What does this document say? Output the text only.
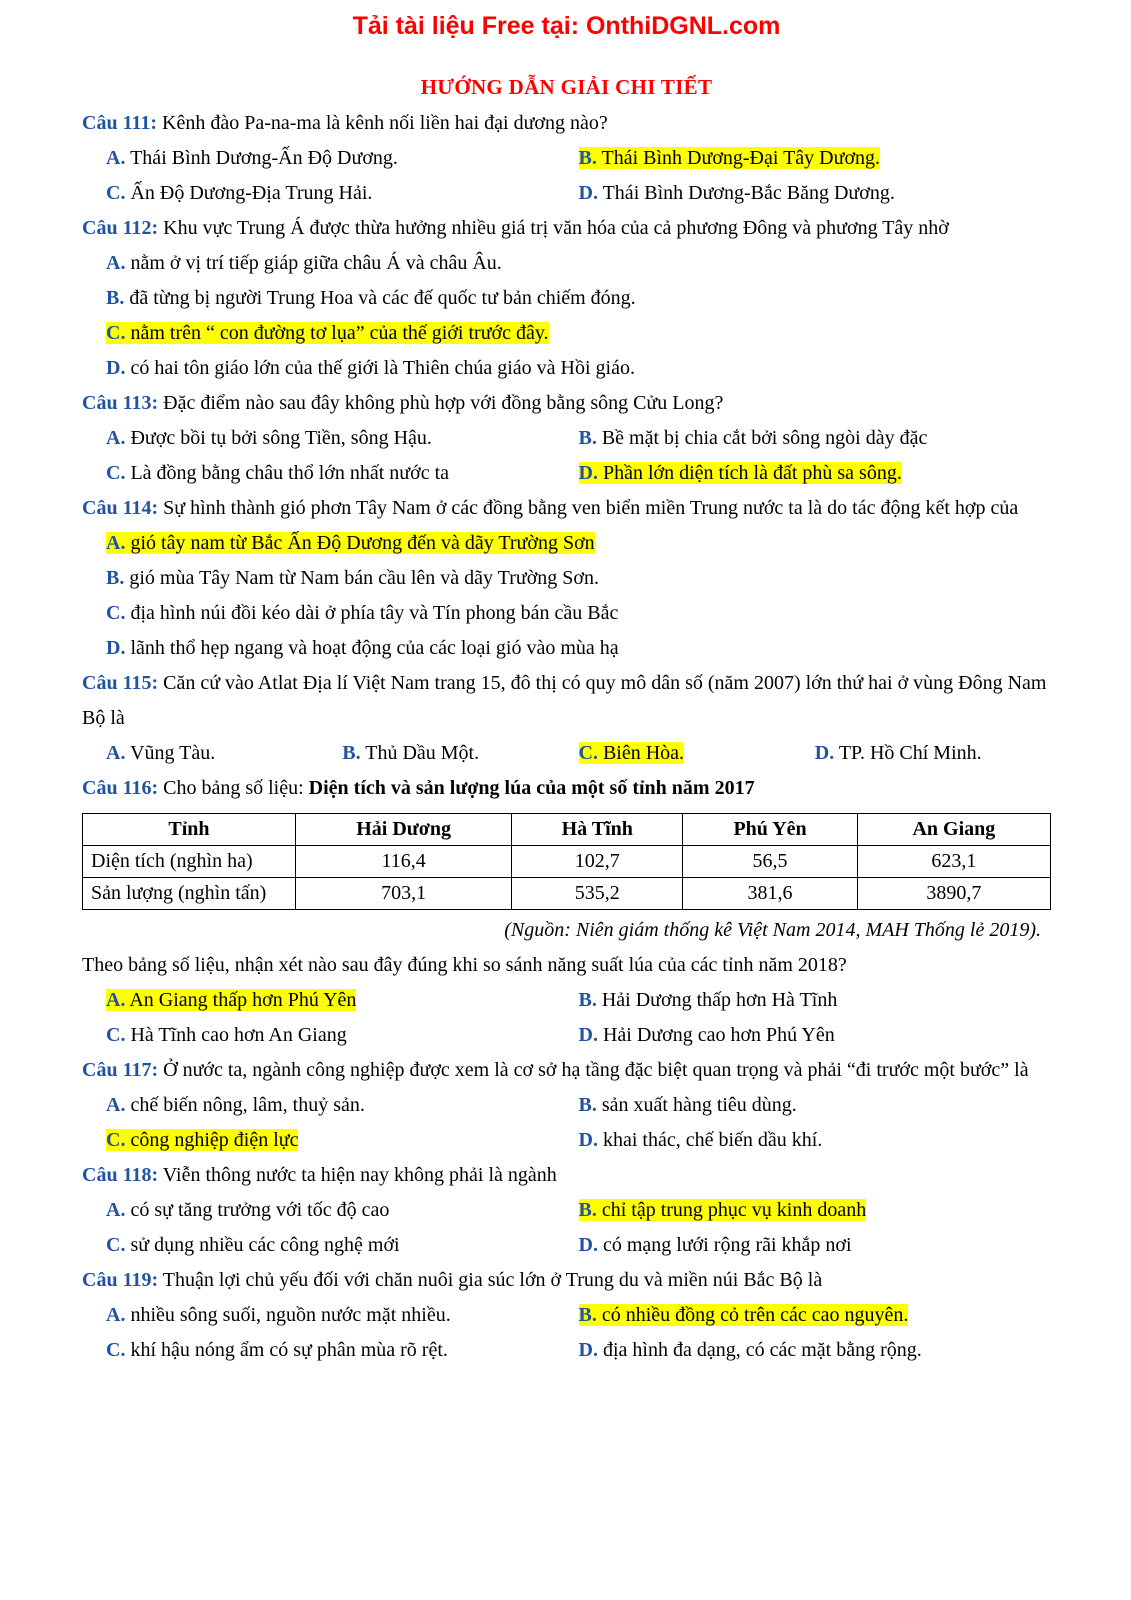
Tải tài liệu Free tại: OnthiDGNL.com
HƯỚNG DẪN GIẢI CHI TIẾT
Câu 111: Kênh đào Pa-na-ma là kênh nối liền hai đại dương nào?
A. Thái Bình Dương-Ấn Độ Dương.	B. Thái Bình Dương-Đại Tây Dương.
C. Ấn Độ Dương-Địa Trung Hải.	D. Thái Bình Dương-Bắc Băng Dương.
Câu 112: Khu vực Trung Á được thừa hưởng nhiều giá trị văn hóa của cả phương Đông và phương Tây nhờ
A. nằm ở vị trí tiếp giáp giữa châu Á và châu Âu.
B. đã từng bị người Trung Hoa và các đế quốc tư bản chiếm đóng.
C. nằm trên “ con đường tơ lụa” của thế giới trước đây.
D. có hai tôn giáo lớn của thế giới là Thiên chúa giáo và Hồi giáo.
Câu 113: Đặc điểm nào sau đây không phù hợp với đồng bằng sông Cửu Long?
A. Được bồi tụ bởi sông Tiền, sông Hậu.	B. Bề mặt bị chia cắt bởi sông ngòi dày đặc
C. Là đồng bằng châu thổ lớn nhất nước ta	D. Phần lớn diện tích là đất phù sa sông.
Câu 114: Sự hình thành gió phơn Tây Nam ở các đồng bằng ven biển miền Trung nước ta là do tác động kết hợp của
A. gió tây nam từ Bắc Ấn Độ Dương đến và dãy Trường Sơn
B. gió mùa Tây Nam từ Nam bán cầu lên và dãy Trường Sơn.
C. địa hình núi đồi kéo dài ở phía tây và Tín phong bán cầu Bắc
D. lãnh thổ hẹp ngang và hoạt động của các loại gió vào mùa hạ
Câu 115: Căn cứ vào Atlat Địa lí Việt Nam trang 15, đô thị có quy mô dân số (năm 2007) lớn thứ hai ở vùng Đông Nam Bộ là
A. Vũng Tàu.	B. Thủ Dầu Một.	C. Biên Hòa.	D. TP. Hồ Chí Minh.
Câu 116: Cho bảng số liệu: Diện tích và sản lượng lúa của một số tỉnh năm 2017
Tỉnh	Hải Dương	Hà Tĩnh	Phú Yên	An Giang
Diện tích (nghìn ha)	116,4	102,7	56,5	623,1
Sản lượng (nghìn tấn)	703,1	535,2	381,6	3890,7
(Nguồn: Niên giám thống kê Việt Nam 2014, MAH Thống lẻ 2019).
Theo bảng số liệu, nhận xét nào sau đây đúng khi so sánh năng suất lúa của các tỉnh năm 2018?
A. An Giang thấp hơn Phú Yên	B. Hải Dương thấp hơn Hà Tĩnh
C. Hà Tĩnh cao hơn An Giang	D. Hải Dương cao hơn Phú Yên
Câu 117: Ở nước ta, ngành công nghiệp được xem là cơ sở hạ tầng đặc biệt quan trọng và phải “đi trước một bước” là
A. chế biến nông, lâm, thuỷ sản.	B. sản xuất hàng tiêu dùng.
C. công nghiệp điện lực	D. khai thác, chế biến dầu khí.
Câu 118: Viễn thông nước ta hiện nay không phải là ngành
A. có sự tăng trưởng với tốc độ cao	B. chỉ tập trung phục vụ kinh doanh
C. sử dụng nhiều các công nghệ mới	D. có mạng lưới rộng rãi khắp nơi
Câu 119: Thuận lợi chủ yếu đối với chăn nuôi gia súc lớn ở Trung du và miền núi Bắc Bộ là
A. nhiều sông suối, nguồn nước mặt nhiều.	B. có nhiều đồng cỏ trên các cao nguyên.
C. khí hậu nóng ẩm có sự phân mùa rõ rệt.	D. địa hình đa dạng, có các mặt bằng rộng.
